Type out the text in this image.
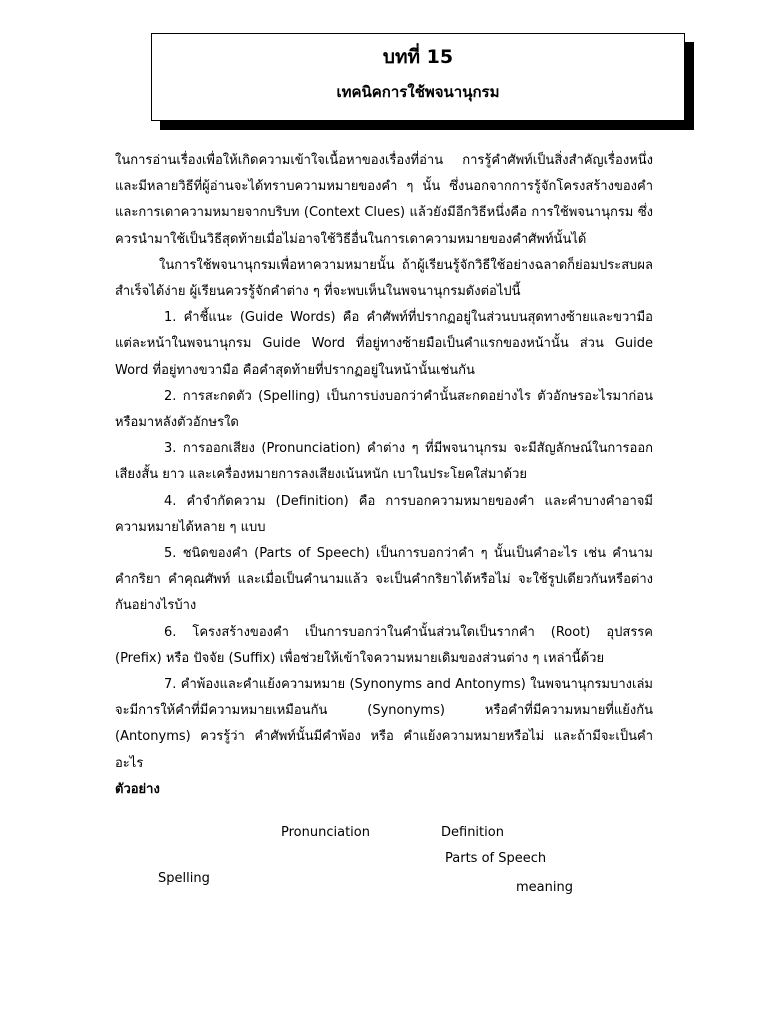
บทที่ 15
เทคนิคการใช้พจนานุกรม

ในการอ่านเรื่องเพื่อให้เกิดความเข้าใจเนื้อหาของเรื่องที่อ่าน การรู้คำศัพท์เป็นสิ่งสำคัญเรื่องหนึ่ง และมีหลายวิธีที่ผู้อ่านจะได้ทราบความหมายของคำ ๆ นั้น ซึ่งนอกจากการรู้จักโครงสร้างของคำ และการเดาความหมายจากบริบท (Context Clues) แล้วยังมีอีกวิธีหนึ่งคือ การใช้พจนานุกรม ซึ่งควรนำมาใช้เป็นวิธีสุดท้ายเมื่อไม่อาจใช้วิธีอื่นในการเดาความหมายของคำศัพท์นั้นได้

ในการใช้พจนานุกรมเพื่อหาความหมายนั้น ถ้าผู้เรียนรู้จักวิธีใช้อย่างฉลาดก็ย่อมประสบผลสำเร็จได้ง่าย ผู้เรียนควรรู้จักคำต่าง ๆ ที่จะพบเห็นในพจนานุกรมดังต่อไปนี้

1. คำชี้แนะ (Guide Words) คือ คำศัพท์ที่ปรากฏอยู่ในส่วนบนสุดทางซ้ายและขวามือแต่ละหน้าในพจนานุกรม Guide Word ที่อยู่ทางซ้ายมือเป็นคำแรกของหน้านั้น ส่วน Guide Word ที่อยู่ทางขวามือ คือคำสุดท้ายที่ปรากฏอยู่ในหน้านั้นเช่นกัน

2. การสะกดตัว (Spelling) เป็นการบ่งบอกว่าคำนั้นสะกดอย่างไร ตัวอักษรอะไรมาก่อนหรือมาหลังตัวอักษรใด

3. การออกเสียง (Pronunciation) คำต่าง ๆ ที่มีพจนานุกรม จะมีสัญลักษณ์ในการออกเสียงสั้น ยาว และเครื่องหมายการลงเสียงเน้นหนัก เบาในประโยคใส่มาด้วย

4. คำจำกัดความ (Definition) คือ การบอกความหมายของคำ และคำบางคำอาจมีความหมายได้หลาย ๆ แบบ

5. ชนิดของคำ (Parts of Speech) เป็นการบอกว่าคำ ๆ นั้นเป็นคำอะไร เช่น คำนาม คำกริยา คำคุณศัพท์ และเมื่อเป็นคำนามแล้ว จะเป็นคำกริยาได้หรือไม่ จะใช้รูปเดียวกันหรือต่างกันอย่างไรบ้าง

6. โครงสร้างของคำ เป็นการบอกว่าในคำนั้นส่วนใดเป็นรากคำ (Root) อุปสรรค (Prefix) หรือ ปัจจัย (Suffix) เพื่อช่วยให้เข้าใจความหมายเดิมของส่วนต่าง ๆ เหล่านี้ด้วย

7. คำพ้องและคำแย้งความหมาย (Synonyms and Antonyms) ในพจนานุกรมบางเล่มจะมีการให้คำที่มีความหมายเหมือนกัน (Synonyms) หรือคำที่มีความหมายที่แย้งกัน (Antonyms) ควรรู้ว่า คำศัพท์นั้นมีคำพ้อง หรือ คำแย้งความหมายหรือไม่ และถ้ามีจะเป็นคำอะไร

ตัวอย่าง

Pronunciation	Definition
Parts of Speech
Spelling
meaning
